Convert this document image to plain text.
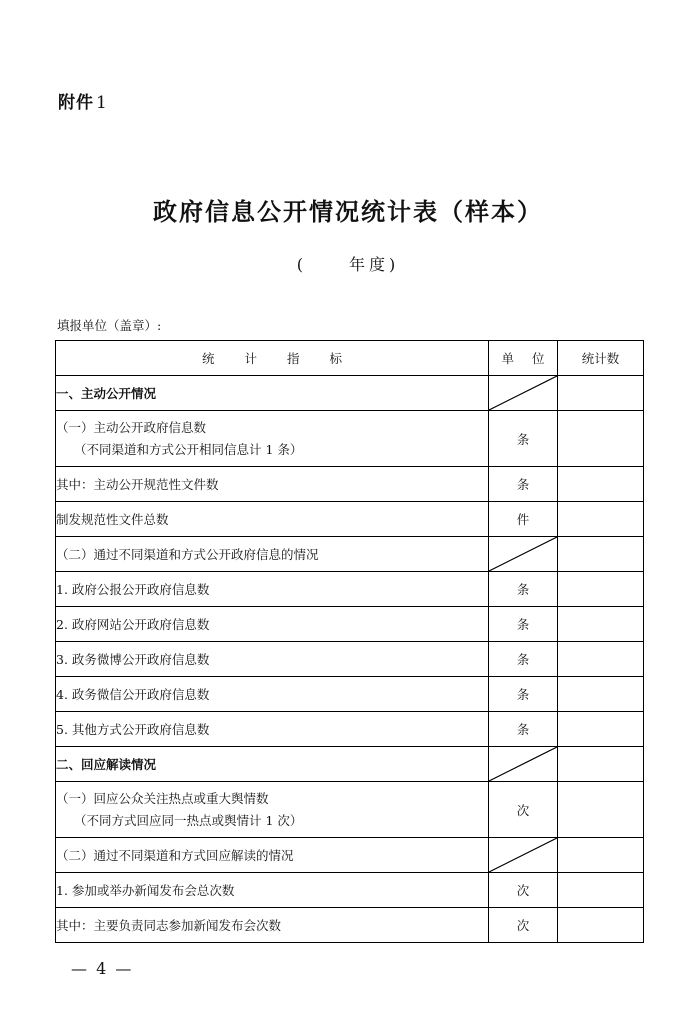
附件 1
政府信息公开情况统计表（样本）
(	年度)
填报单位（盖章）:
统 计 指 标	单 位	统计数
一、主动公开情况	

（一）主动公开政府信息数
（不同渠道和方式公开相同信息计 1 条）	条	
其中：主动公开规范性文件数	条	
制发规范性文件总数	件	
（二）通过不同渠道和方式公开政府信息的情况	

1. 政府公报公开政府信息数	条	
2. 政府网站公开政府信息数	条	
3. 政务微博公开政府信息数	条	
4. 政务微信公开政府信息数	条	
5. 其他方式公开政府信息数	条	
二、回应解读情况	

（一）回应公众关注热点或重大舆情数
（不同方式回应同一热点或舆情计 1 次）	次	
（二）通过不同渠道和方式回应解读的情况	

1. 参加或举办新闻发布会总次数	次	
其中：主要负责同志参加新闻发布会次数	次	
— 4 —
